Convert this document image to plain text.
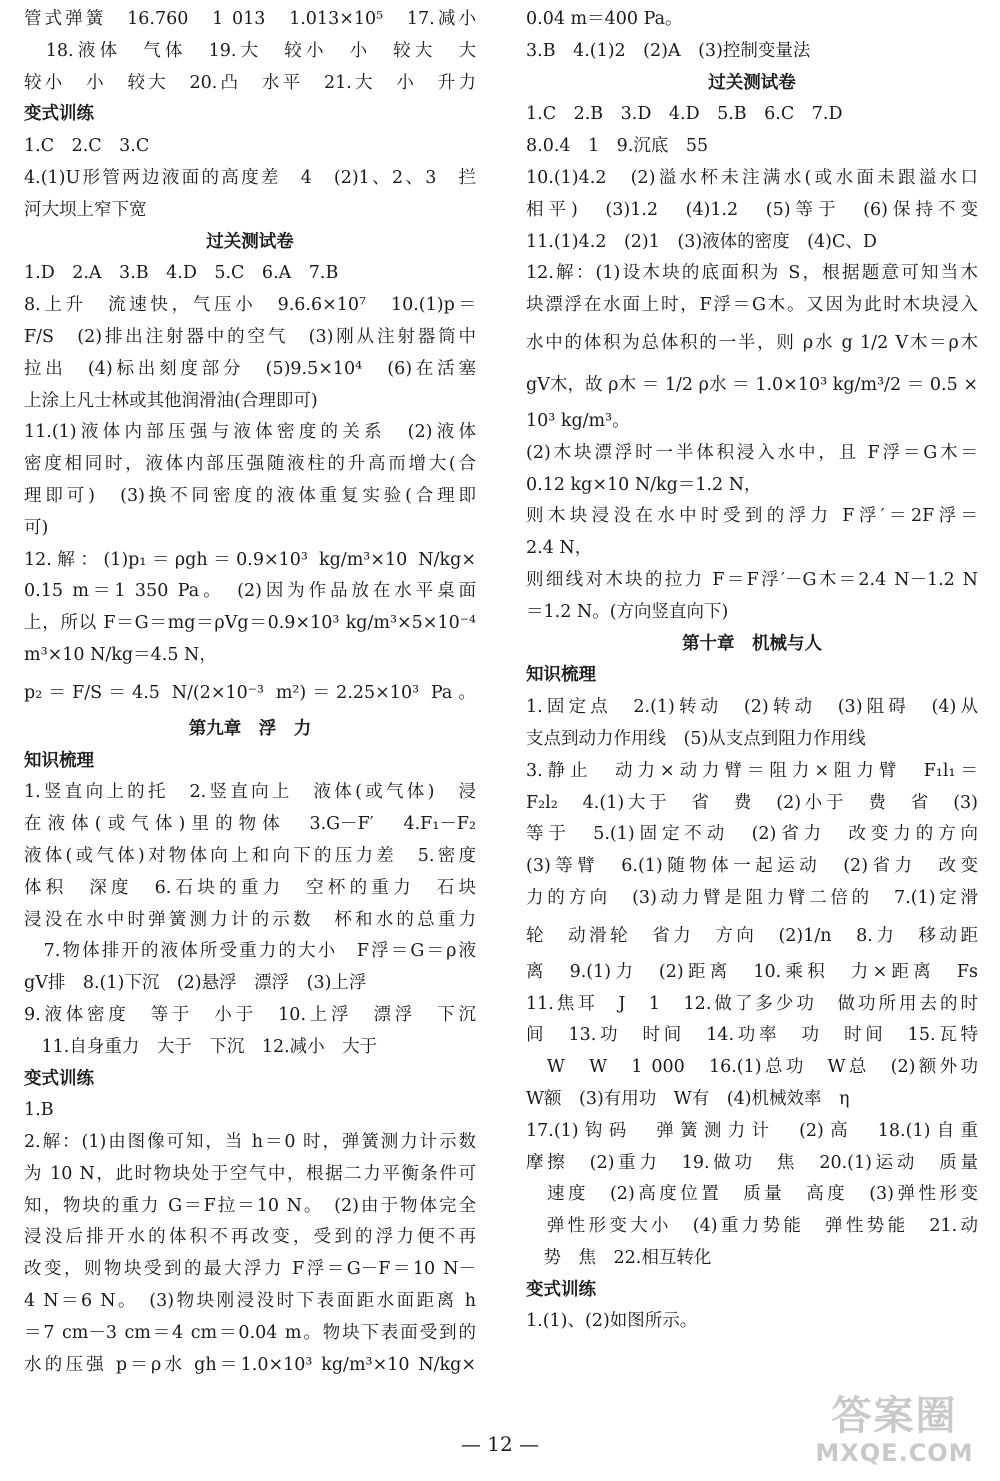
管式弹簧　16.760　1 013　1.013×10⁵　17.减小
　18.液体　气体　19.大　较小　小　较大　大
较小　小　较大　20.凸　水平　21.大　小　升力
变式训练
1.C　2.C　3.C
4.(1)U形管两边液面的高度差　4　(2)1、2、3　拦
河大坝上窄下宽
过关测试卷
1.D　2.A　3.B　4.D　5.C　6.A　7.B
8.上升　流速快，气压小　9.6.6×10⁷　10.(1)p＝
F/S　(2)排出注射器中的空气　(3)刚从注射器筒中
拉出　(4)标出刻度部分　(5)9.5×10⁴　(6)在活塞
上涂上凡士林或其他润滑油(合理即可)
11.(1)液体内部压强与液体密度的关系　(2)液体
密度相同时，液体内部压强随液柱的升高而增大(合
理即可)　(3)换不同密度的液体重复实验(合理即
可)
12.解：(1)p₁＝ρgh＝0.9×10³ kg/m³×10 N/kg×
0.15 m＝1 350 Pa。　(2)因为作品放在水平桌面
上，所以 F＝G＝mg＝ρVg＝0.9×10³ kg/m³×5×10⁻⁴
m³×10 N/kg＝4.5 N，
p₂＝F/S＝4.5 N/(2×10⁻³ m²)＝2.25×10³ Pa。
第九章　浮　力
知识梳理
1.竖直向上的托　2.竖直向上　液体(或气体)　浸
在液体(或气体)里的物体　3.G－F′　4.F₁－F₂
液体(或气体)对物体向上和向下的压力差　5.密度
体积　深度　6.石块的重力　空杯的重力　石块
浸没在水中时弹簧测力计的示数　杯和水的总重力
　7.物体排开的液体所受重力的大小　F浮＝G＝ρ液
gV排　8.(1)下沉　(2)悬浮　漂浮　(3)上浮
9.液体密度　等于　小于　10.上浮　漂浮　下沉
　11.自身重力　大于　下沉　12.减小　大于
变式训练
1.B
2.解：(1)由图像可知，当 h＝0 时，弹簧测力计示数
为 10 N，此时物块处于空气中，根据二力平衡条件可
知，物块的重力 G＝F拉＝10 N。　(2)由于物体完全
浸没后排开水的体积不再改变，受到的浮力便不再
改变，则物块受到的最大浮力 F浮＝G－F＝10 N－
4 N＝6 N。　(3)物块刚浸没时下表面距水面距离 h
＝7 cm－3 cm＝4 cm＝0.04 m。物块下表面受到的
水的压强 p＝ρ水 gh＝1.0×10³ kg/m³×10 N/kg×
0.04 m＝400 Pa。
3.B　4.(1)2　(2)A　(3)控制变量法
过关测试卷
1.C　2.B　3.D　4.D　5.B　6.C　7.D
8.0.4　1　9.沉底　55
10.(1)4.2　(2)溢水杯未注满水(或水面未跟溢水口
相平)　(3)1.2　(4)1.2　(5)等于　(6)保持不变
11.(1)4.2　(2)1　(3)液体的密度　(4)C、D
12.解：(1)设木块的底面积为 S，根据题意可知当木
块漂浮在水面上时，F浮＝G木。又因为此时木块浸入
水中的体积为总体积的一半，则 ρ水 g 1/2 V木＝ρ木
gV木，故 ρ木 ＝ 1/2 ρ水 ＝ 1.0×10³ kg/m³/2 ＝ 0.5 ×
10³ kg/m³。
(2)木块漂浮时一半体积浸入水中，且 F浮＝G木＝
0.12 kg×10 N/kg＝1.2 N，
则木块浸没在水中时受到的浮力 F浮′＝2F浮＝
2.4 N，
则细线对木块的拉力 F＝F浮′－G木＝2.4 N－1.2 N
＝1.2 N。(方向竖直向下)
第十章　机械与人
知识梳理
1.固定点　2.(1)转动　(2)转动　(3)阻碍　(4)从
支点到动力作用线　(5)从支点到阻力作用线
3.静止　动力×动力臂＝阻力×阻力臂　F₁l₁＝
F₂l₂　4.(1)大于　省　费　(2)小于　费　省　(3)
等于　5.(1)固定不动　(2)省力　改变力的方向
(3)等臂　6.(1)随物体一起运动　(2)省力　改变
力的方向　(3)动力臂是阻力臂二倍的　7.(1)定滑
轮　动滑轮　省力　方向　(2)1/n　8.力　移动距
离　9.(1)力　(2)距离　10.乘积　力×距离　Fs
11.焦耳　J　1　12.做了多少功　做功所用去的时
间　13.功　时间　14.功率　功　时间　15.瓦特
　W　W　1 000　16.(1)总功　W总　(2)额外功
W额　(3)有用功　W有　(4)机械效率　η
17.(1)钩码　弹簧测力计　(2)高　18.(1)自重
摩擦　(2)重力　19.做功　焦　20.(1)运动　质量
　速度　(2)高度位置　质量　高度　(3)弹性形变
　弹性形变大小　(4)重力势能　弹性势能　21.动
　势　焦　22.相互转化
变式训练
1.(1)、(2)如图所示。
— 12 —
答案圈
MXQE.COM
